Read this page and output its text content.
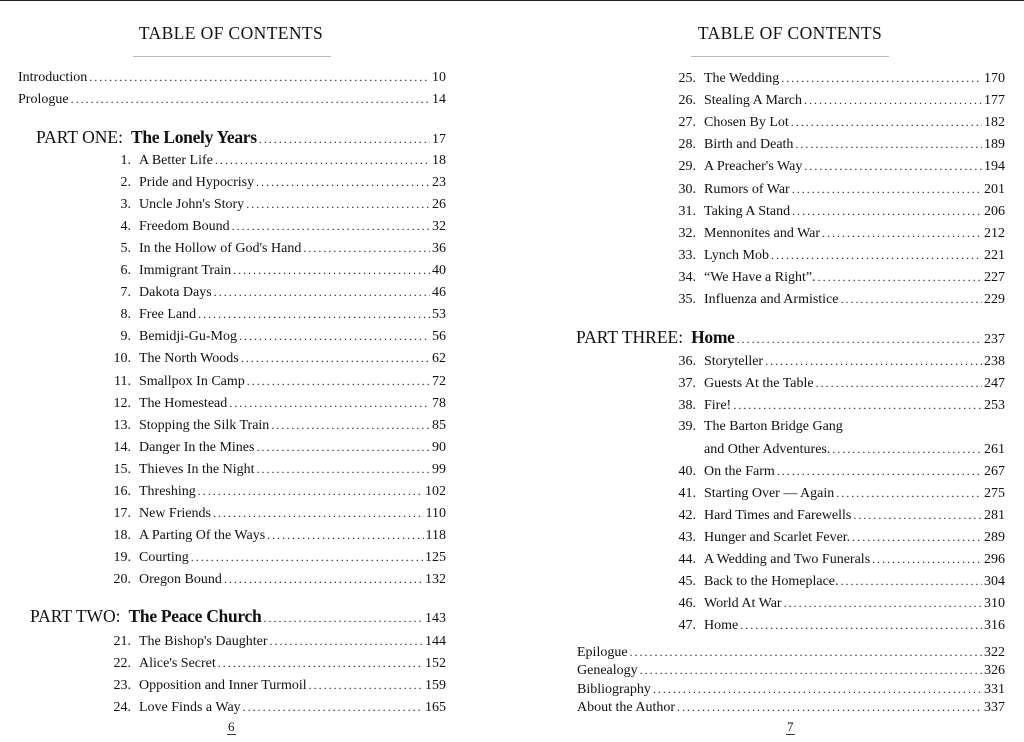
TABLE OF CONTENTS
Introduction .....	10
Prologue .....	14
PART ONE: The Lonely Years .....	17
1. A Better Life .....	18
2. Pride and Hypocrisy .....	23
3. Uncle John's Story .....	26
4. Freedom Bound .....	32
5. In the Hollow of God's Hand .....	36
6. Immigrant Train .....	40
7. Dakota Days .....	46
8. Free Land .....	53
9. Bemidji-Gu-Mog .....	56
10. The North Woods .....	62
11. Smallpox In Camp .....	72
12. The Homestead .....	78
13. Stopping the Silk Train .....	85
14. Danger In the Mines .....	90
15. Thieves In the Night .....	99
16. Threshing .....	102
17. New Friends .....	110
18. A Parting Of the Ways .....	118
19. Courting .....	125
20. Oregon Bound .....	132
PART TWO: The Peace Church .....	143
21. The Bishop's Daughter .....	144
22. Alice's Secret .....	152
23. Opposition and Inner Turmoil .....	159
24. Love Finds a Way .....	165
6
TABLE OF CONTENTS
25. The Wedding .....	170
26. Stealing A March .....	177
27. Chosen By Lot .....	182
28. Birth and Death .....	189
29. A Preacher's Way .....	194
30. Rumors of War .....	201
31. Taking A Stand .....	206
32. Mennonites and War .....	212
33. Lynch Mob .....	221
34. “We Have a Right”. .....	227
35. Influenza and Armistice .....	229
PART THREE: Home .....	237
36. Storyteller .....	238
37. Guests At the Table .....	247
38. Fire! .....	253
39. The Barton Bridge Gang
and Other Adventures. .....	261
40. On the Farm .....	267
41. Starting Over — Again .....	275
42. Hard Times and Farewells .....	281
43. Hunger and Scarlet Fever. .....	289
44. A Wedding and Two Funerals .....	296
45. Back to the Homeplace. .....	304
46. World At War .....	310
47. Home .....	316
Epilogue .....	322
Genealogy .....	326
Bibliography .....	331
About the Author .....	337
7
